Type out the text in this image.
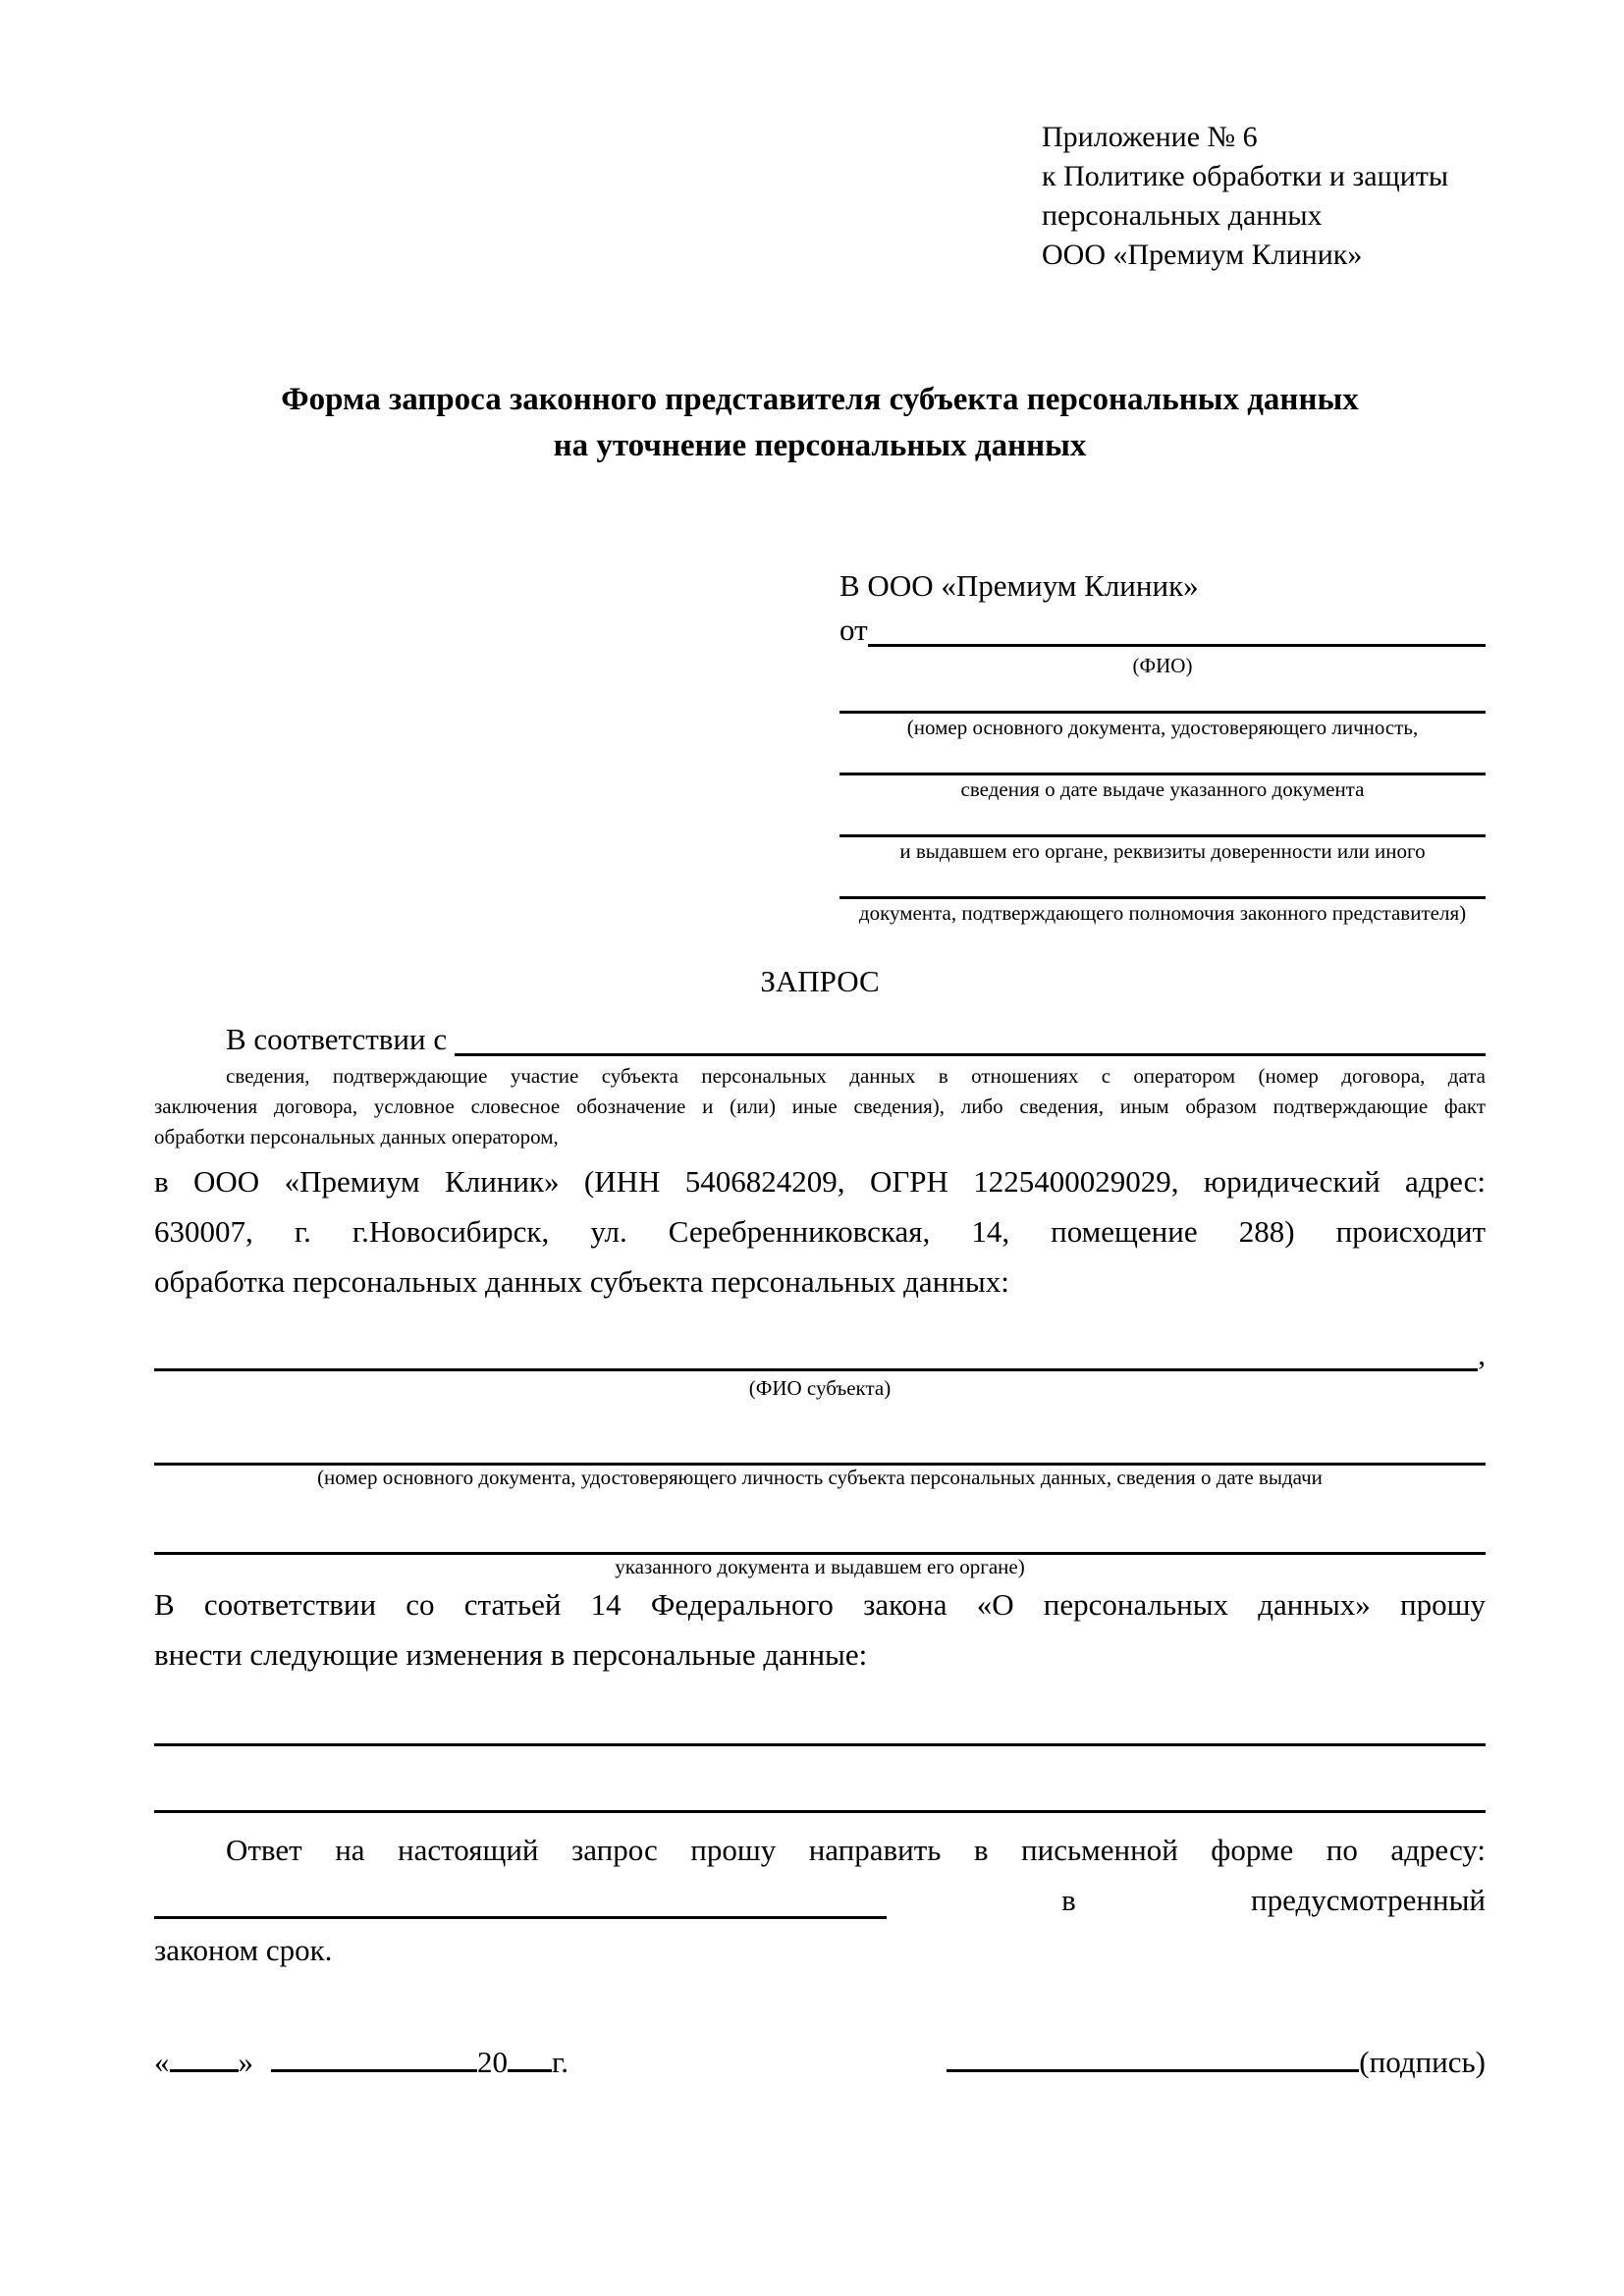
Приложение № 6
к Политике обработки и защиты
персональных данных
ООО «Премиум Клиник»
Форма запроса законного представителя субъекта персональных данных
на уточнение персональных данных
В ООО «Премиум Клиник»
от
(ФИО)
(номер основного документа, удостоверяющего личность,
сведения о дате выдаче указанного документа
и выдавшем его органе, реквизиты доверенности или иного
документа, подтверждающего полномочия законного представителя)
ЗАПРОС
В соответствии с
сведения, подтверждающие участие субъекта персональных данных в отношениях с оператором (номер договора, дата
заключения договора, условное словесное обозначение и (или) иные сведения), либо сведения, иным образом подтверждающие факт
обработки персональных данных оператором,
в ООО «Премиум Клиник» (ИНН 5406824209, ОГРН 1225400029029, юридический адрес:
630007, г. г.Новосибирск, ул. Серебренниковская, 14, помещение 288) происходит
обработка персональных данных субъекта персональных данных:
,
(ФИО субъекта)
(номер основного документа, удостоверяющего личность субъекта персональных данных, сведения о дате выдачи
указанного документа и выдавшем его органе)
В соответствии со статьей 14 Федерального закона «О персональных данных» прошу
внести следующие изменения в персональные данные:
Ответ на настоящий запрос прошу направить в письменной форме по адресу:
в	предусмотренный
законом срок.
« »	20 г.	(подпись)
